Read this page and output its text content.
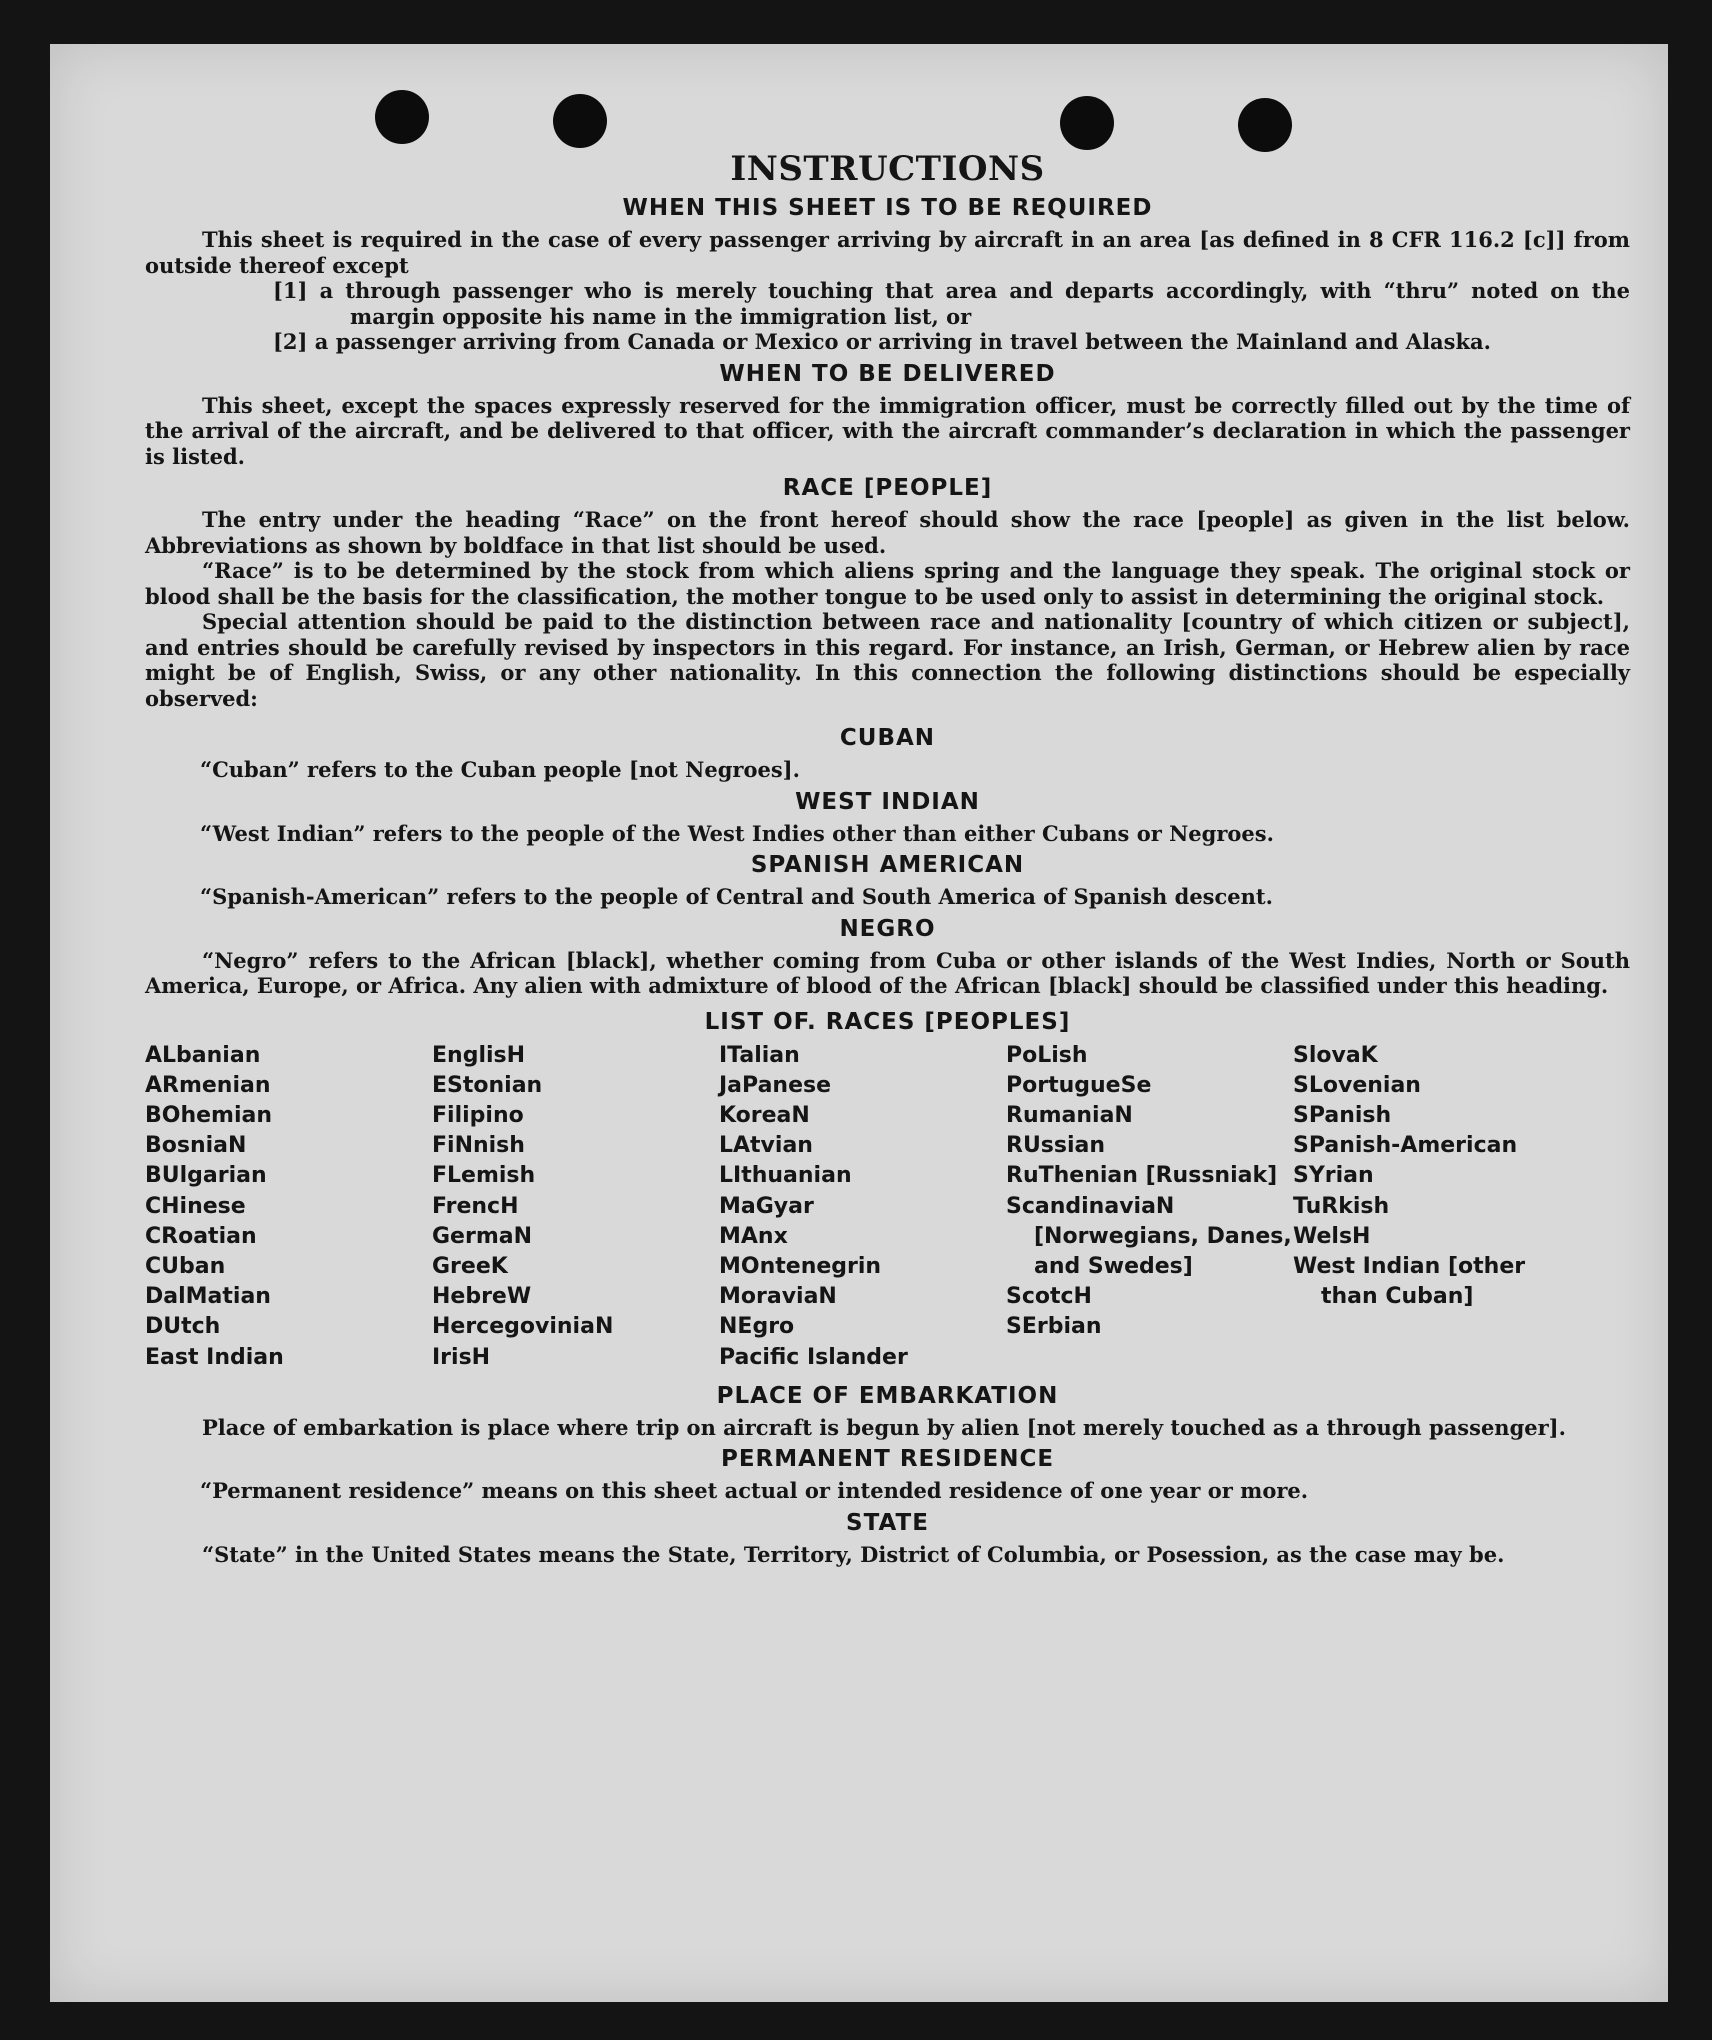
INSTRUCTIONS
WHEN THIS SHEET IS TO BE REQUIRED

This sheet is required in the case of every passenger arriving by aircraft in an area [as defined in 8 CFR 116.2 [c]] from outside thereof except

[1] a through passenger who is merely touching that area and departs accordingly, with “thru” noted on the margin opposite his name in the immigration list, or
[2] a passenger arriving from Canada or Mexico or arriving in travel between the Mainland and Alaska.
WHEN TO BE DELIVERED

This sheet, except the spaces expressly reserved for the immigration officer, must be correctly filled out by the time of the arrival of the aircraft, and be delivered to that officer, with the aircraft commander’s declaration in which the passenger is listed.

RACE [PEOPLE]

The entry under the heading “Race” on the front hereof should show the race [people] as given in the list below. Abbreviations as shown by boldface in that list should be used.

“Race” is to be determined by the stock from which aliens spring and the language they speak. The original stock or blood shall be the basis for the classification, the mother tongue to be used only to assist in determining the original stock.

Special attention should be paid to the distinction between race and nationality [country of which citizen or subject], and entries should be carefully revised by inspectors in this regard. For instance, an Irish, German, or Hebrew alien by race might be of English, Swiss, or any other nationality. In this connection the following distinctions should be especially observed:

CUBAN

“Cuban” refers to the Cuban people [not Negroes].

WEST INDIAN

“West Indian” refers to the people of the West Indies other than either Cubans or Negroes.

SPANISH AMERICAN

“Spanish-American” refers to the people of Central and South America of Spanish descent.

NEGRO

“Negro” refers to the African [black], whether coming from Cuba or other islands of the West Indies, North or South America, Europe, or Africa. Any alien with admixture of blood of the African [black] should be classified under this heading.

LIST OF. RACES [PEOPLES]
ALbanian
ARmenian
BOhemian
BosniaN
BUlgarian
CHinese
CRoatian
CUban
DalMatian
DUtch
East Indian
EnglisH
EStonian
Filipino
FiNnish
FLemish
FrencH
GermaN
GreeK
HebreW
HercegoviniaN
IrisH
ITalian
JaPanese
KoreaN
LAtvian
LIthuanian
MaGyar
MAnx
MOntenegrin
MoraviaN
NEgro
Pacific Islander
PoLish
PortugueSe
RumaniaN
RUssian
RuThenian [Russniak]
ScandinaviaN [Norwegians, Danes, and Swedes]
ScotcH
SErbian
SlovaK
SLovenian
SPanish
SPanish-American
SYrian
TuRkish
WelsH
West Indian [other than Cuban]
PLACE OF EMBARKATION

Place of embarkation is place where trip on aircraft is begun by alien [not merely touched as a through passenger].

PERMANENT RESIDENCE

“Permanent residence” means on this sheet actual or intended residence of one year or more.

STATE

“State” in the United States means the State, Territory, District of Columbia, or Posession, as the case may be.
